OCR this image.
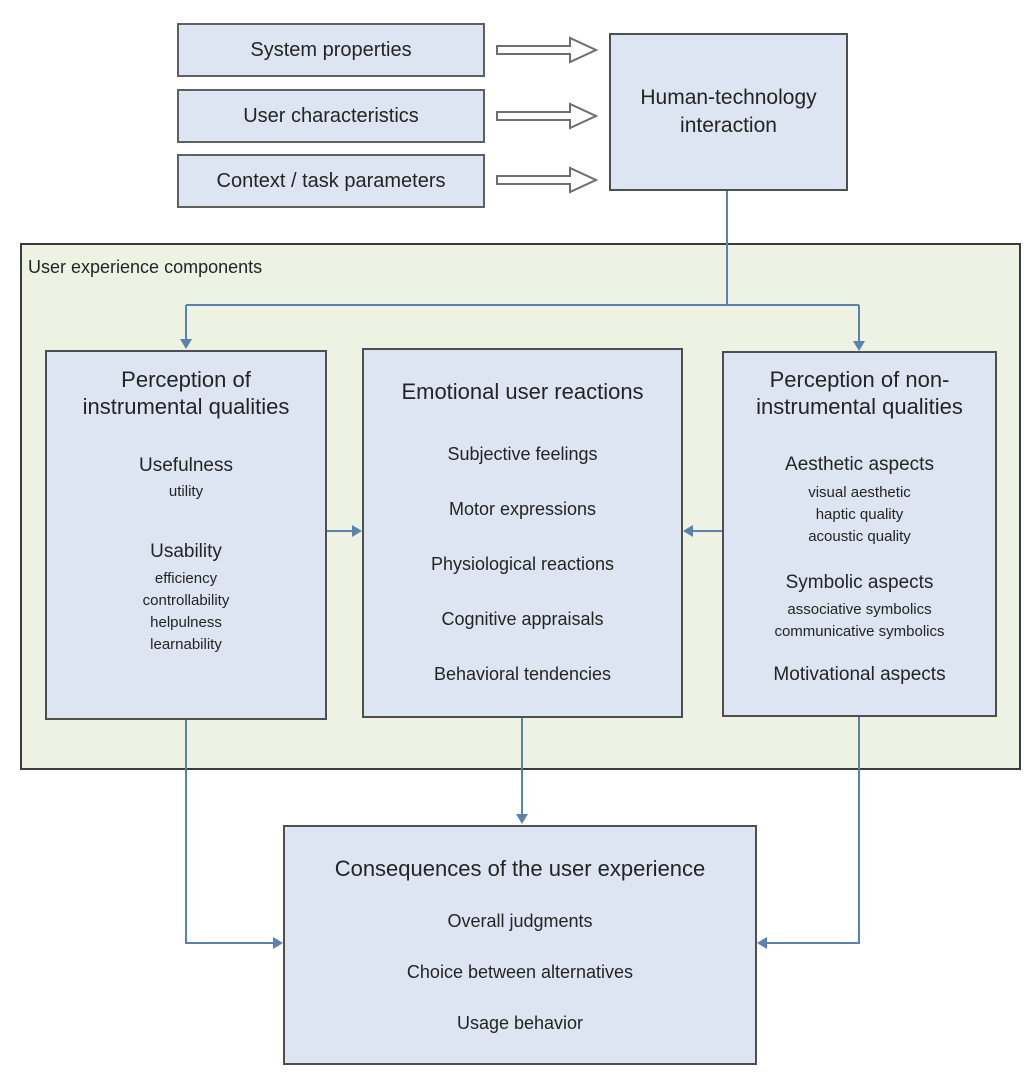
System properties
User characteristics
Context / task parameters
Human-technology
interaction
User experience components
Perception of
instrumental qualities
Usefulness
utility
Usability
efficiency
controllability
helpulness
learnability
Emotional user reactions
Subjective feelings
Motor expressions
Physiological reactions
Cognitive appraisals
Behavioral tendencies
Perception of non-
instrumental qualities
Aesthetic aspects
visual aesthetic
haptic quality
acoustic quality
Symbolic aspects
associative symbolics
communicative symbolics
Motivational aspects
Consequences of the user experience
Overall judgments
Choice between alternatives
Usage behavior
